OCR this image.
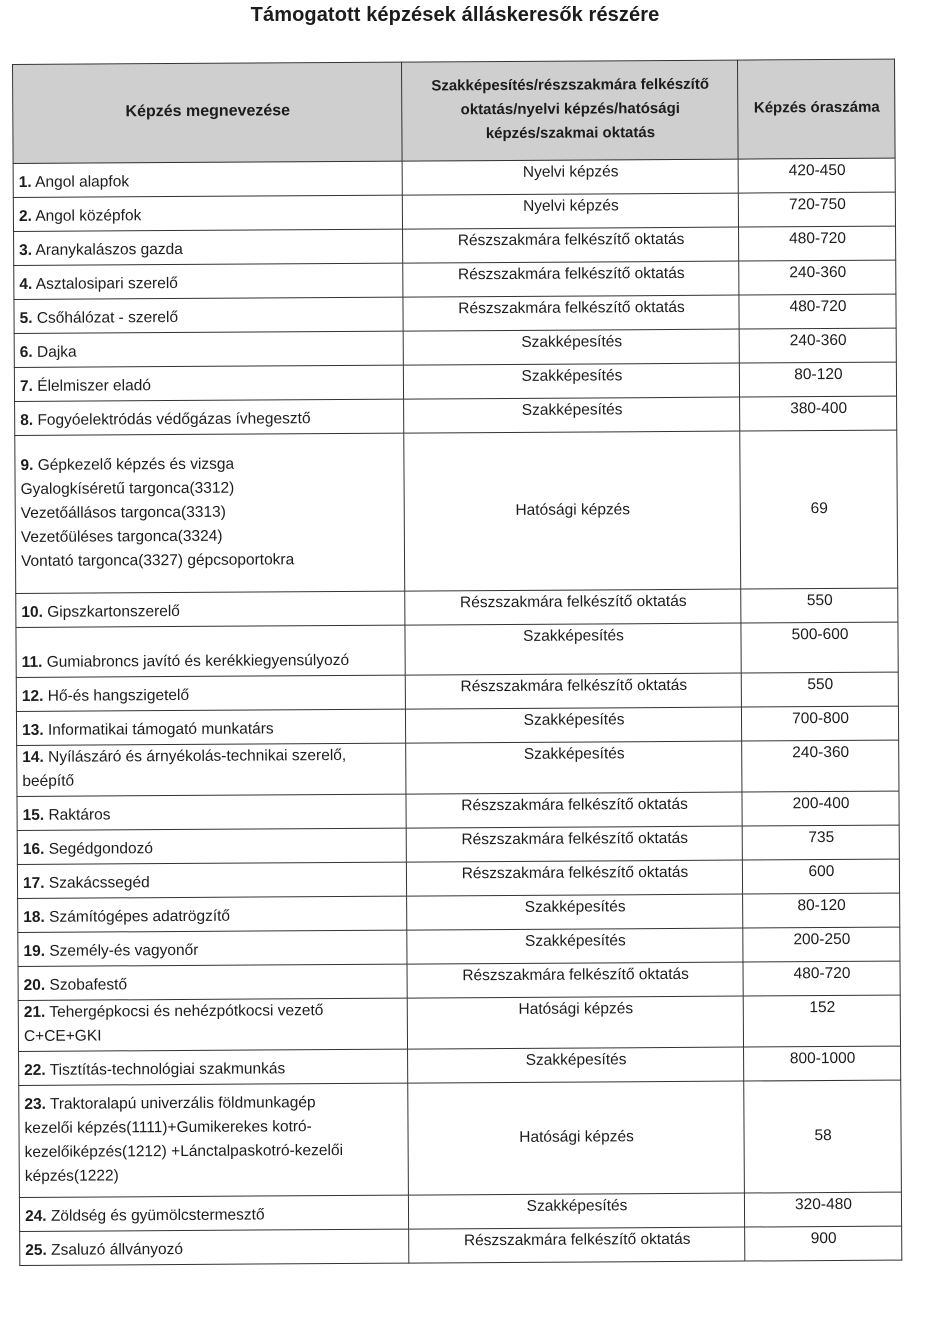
Támogatott képzések álláskeresők részére
Képzés megnevezése	Szakképesítés/részszakmára felkészítő oktatás/nyelvi képzés/hatósági képzés/szakmai oktatás	Képzés óraszáma

1. Angol alapfok	Nyelvi képzés	420-450

2. Angol középfok	Nyelvi képzés	720-750

3. Aranykalászos gazda	Részszakmára felkészítő oktatás	480-720

4. Asztalosipari szerelő	Részszakmára felkészítő oktatás	240-360

5. Csőhálózat - szerelő	Részszakmára felkészítő oktatás	480-720

6. Dajka	Szakképesítés	240-360

7. Élelmiszer eladó	Szakképesítés	80-120

8. Fogyóelektródás védőgázas ívhegesztő	Szakképesítés	380-400

9. Gépkezelő képzés és vizsga
Gyalogkíséretű targonca(3312)
Vezetőállásos targonca(3313)
Vezetőüléses targonca(3324)
Vontató targonca(3327) gépcsoportokra	Hatósági képzés	69

10. Gipszkartonszerelő	Részszakmára felkészítő oktatás	550

11. Gumiabroncs javító és kerékkiegyensúlyozó	Szakképesítés	500-600

12. Hő-és hangszigetelő	Részszakmára felkészítő oktatás	550

13. Informatikai támogató munkatárs	Szakképesítés	700-800

14. Nyílászáró és árnyékolás-technikai szerelő,
beépítő	Szakképesítés	240-360

15. Raktáros	Részszakmára felkészítő oktatás	200-400

16. Segédgondozó	Részszakmára felkészítő oktatás	735

17. Szakácssegéd	Részszakmára felkészítő oktatás	600

18. Számítógépes adatrögzítő	Szakképesítés	80-120

19. Személy-és vagyonőr	Szakképesítés	200-250

20. Szobafestő	Részszakmára felkészítő oktatás	480-720

21. Tehergépkocsi és nehézpótkocsi vezető
C+CE+GKI	Hatósági képzés	152

22. Tisztítás-technológiai szakmunkás	Szakképesítés	800-1000

23. Traktoralapú univerzális földmunkagép
kezelői képzés(1111)+Gumikerekes kotró-
kezelőiképzés(1212) +Lánctalpaskotró-kezelői
képzés(1222)	Hatósági képzés	58

24. Zöldség és gyümölcstermesztő	Szakképesítés	320-480

25. Zsaluzó állványozó	Részszakmára felkészítő oktatás	900
